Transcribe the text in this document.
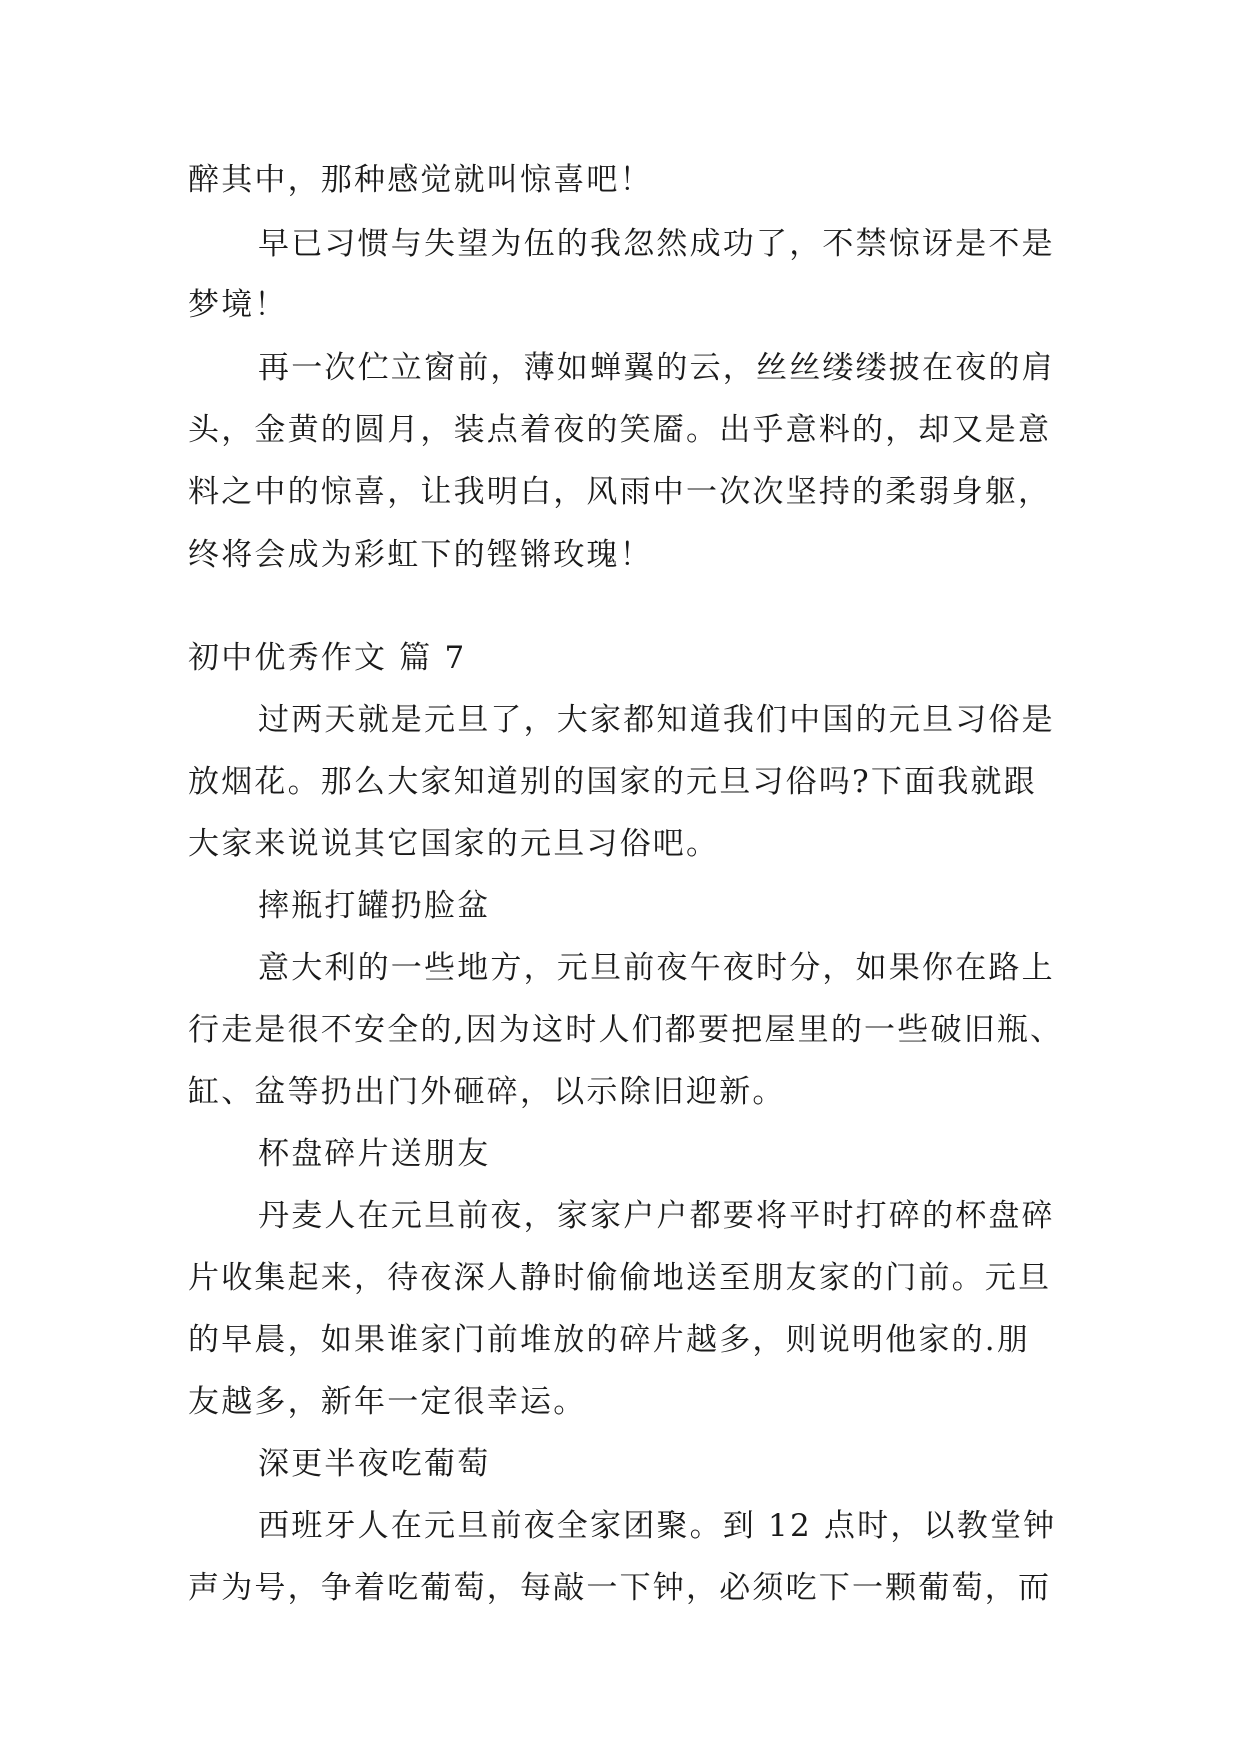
醉其中，那种感觉就叫惊喜吧！
早已习惯与失望为伍的我忽然成功了，不禁惊讶是不是
梦境！
再一次伫立窗前，薄如蝉翼的云，丝丝缕缕披在夜的肩
头，金黄的圆月，装点着夜的笑靥。出乎意料的，却又是意
料之中的惊喜，让我明白，风雨中一次次坚持的柔弱身躯，
终将会成为彩虹下的铿锵玫瑰！
初中优秀作文 篇 7
过两天就是元旦了，大家都知道我们中国的元旦习俗是
放烟花。那么大家知道别的国家的元旦习俗吗?下面我就跟
大家来说说其它国家的元旦习俗吧。
摔瓶打罐扔脸盆
意大利的一些地方，元旦前夜午夜时分，如果你在路上
行走是很不安全的,因为这时人们都要把屋里的一些破旧瓶、
缸、盆等扔出门外砸碎，以示除旧迎新。
杯盘碎片送朋友
丹麦人在元旦前夜，家家户户都要将平时打碎的杯盘碎
片收集起来，待夜深人静时偷偷地送至朋友家的门前。元旦
的早晨，如果谁家门前堆放的碎片越多，则说明他家的.朋
友越多，新年一定很幸运。
深更半夜吃葡萄
西班牙人在元旦前夜全家团聚。到 12 点时，以教堂钟
声为号，争着吃葡萄，每敲一下钟，必须吃下一颗葡萄，而
